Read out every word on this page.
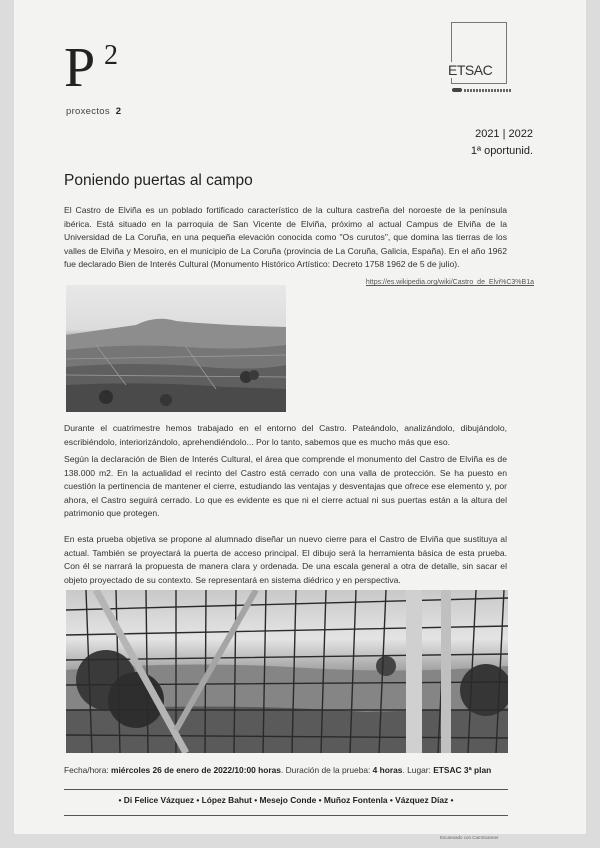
P 2
proxectos 2
ETSAC
2021 | 2022
1ª oportunid.
Poniendo puertas al campo

El Castro de Elviña es un poblado fortificado característico de la cultura castreña del noroeste de la península ibérica. Está situado en la parroquia de San Vicente de Elviña, próximo al actual Campus de Elviña de la Universidad de La Coruña, en una pequeña elevación conocida como "Os curutos", que domina las tierras de los valles de Elviña y Mesoiro, en el municipio de La Coruña (provincia de La Coruña, Galicia, España). En el año 1962 fue declarado Bien de Interés Cultural (Monumento Histórico Artístico: Decreto 1758 1962 de 5 de julio).

https://es.wikipedia.org/wiki/Castro_de_Elvi%C3%B1a

Durante el cuatrimestre hemos trabajado en el entorno del Castro. Pateándolo, analizándolo, dibujándolo, escribiéndolo, interiorizándolo, aprehendiéndolo... Por lo tanto, sabemos que es mucho más que eso.

Según la declaración de Bien de Interés Cultural, el área que comprende el monumento del Castro de Elviña es de 138.000 m2. En la actualidad el recinto del Castro está cerrado con una valla de protección. Se ha puesto en cuestión la pertinencia de mantener el cierre, estudiando las ventajas y desventajas que ofrece ese elemento y, por ahora, el Castro seguirá cerrado. Lo que es evidente es que ni el cierre actual ni sus puertas están a la altura del patrimonio que protegen.

En esta prueba objetiva se propone al alumnado diseñar un nuevo cierre para el Castro de Elviña que sustituya al actual. También se proyectará la puerta de acceso principal. El dibujo será la herramienta básica de esta prueba. Con él se narrará la propuesta de manera clara y ordenada. De una escala general a otra de detalle, sin sacar el objeto proyectado de su contexto. Se representará en sistema diédrico y en perspectiva.

Fecha/hora: miércoles 26 de enero de 2022/10:00 horas. Duración de la prueba: 4 horas. Lugar: ETSAC 3ª plan
• Di Felice Vázquez • López Bahut • Mesejo Conde • Muñoz Fontenla • Vázquez Díaz •
Escaneado con CamScanner
